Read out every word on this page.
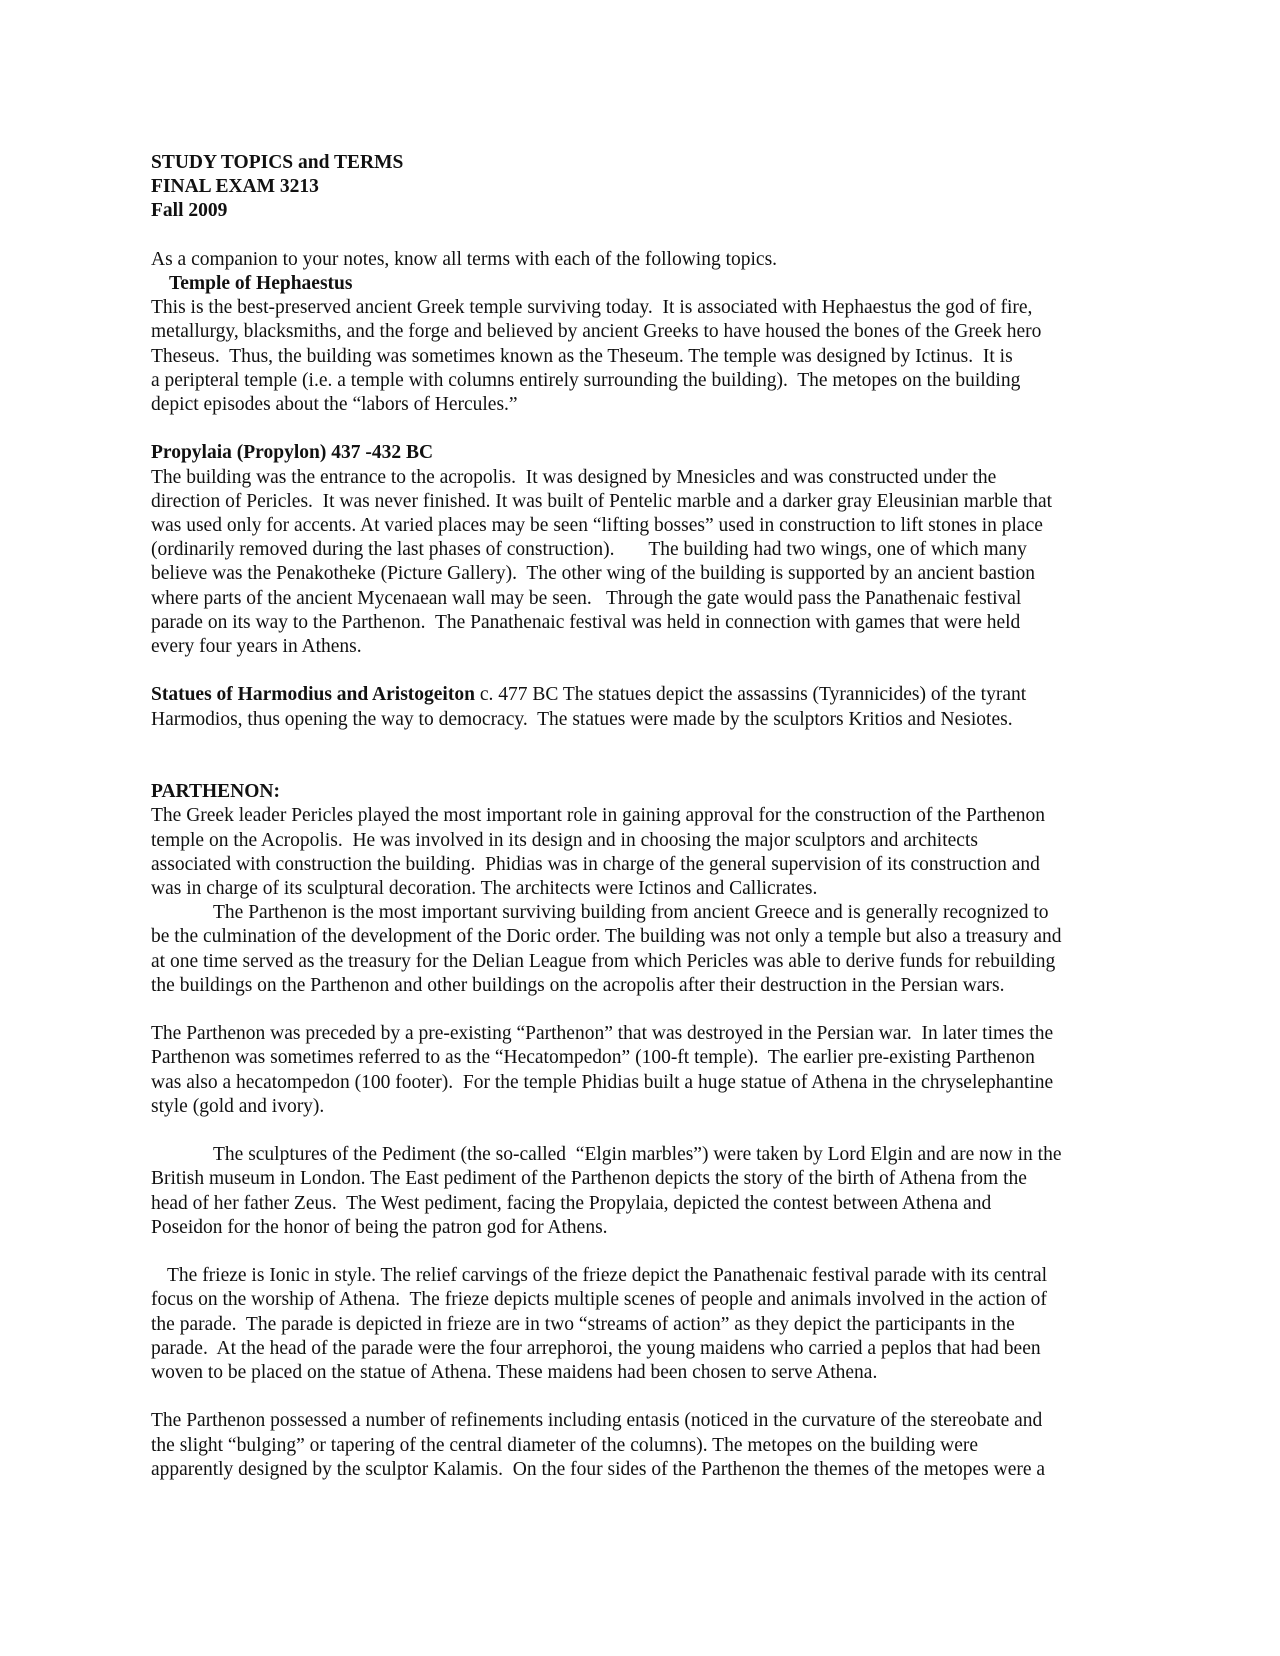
STUDY TOPICS and TERMS
FINAL EXAM 3213
Fall 2009
As a companion to your notes, know all terms with each of the following topics.
Temple of Hephaestus
This is the best-preserved ancient Greek temple surviving today.  It is associated with Hephaestus the god of fire,
metallurgy, blacksmiths, and the forge and believed by ancient Greeks to have housed the bones of the Greek hero
Theseus.  Thus, the building was sometimes known as the Theseum. The temple was designed by Ictinus.  It is
a peripteral temple (i.e. a temple with columns entirely surrounding the building).  The metopes on the building
depict episodes about the “labors of Hercules.”
Propylaia (Propylon) 437 -432 BC
The building was the entrance to the acropolis.  It was designed by Mnesicles and was constructed under the
direction of Pericles.  It was never finished. It was built of Pentelic marble and a darker gray Eleusinian marble that
was used only for accents. At varied places may be seen “lifting bosses” used in construction to lift stones in place
(ordinarily removed during the last phases of construction).       The building had two wings, one of which many
believe was the Penakotheke (Picture Gallery).  The other wing of the building is supported by an ancient bastion
where parts of the ancient Mycenaean wall may be seen.   Through the gate would pass the Panathenaic festival
parade on its way to the Parthenon.  The Panathenaic festival was held in connection with games that were held
every four years in Athens.
Statues of Harmodius and Aristogeiton c. 477 BC The statues depict the assassins (Tyrannicides) of the tyrant
Harmodios, thus opening the way to democracy.  The statues were made by the sculptors Kritios and Nesiotes.
PARTHENON:
The Greek leader Pericles played the most important role in gaining approval for the construction of the Parthenon
temple on the Acropolis.  He was involved in its design and in choosing the major sculptors and architects
associated with construction the building.  Phidias was in charge of the general supervision of its construction and
was in charge of its sculptural decoration. The architects were Ictinos and Callicrates.
The Parthenon is the most important surviving building from ancient Greece and is generally recognized to
be the culmination of the development of the Doric order. The building was not only a temple but also a treasury and
at one time served as the treasury for the Delian League from which Pericles was able to derive funds for rebuilding
the buildings on the Parthenon and other buildings on the acropolis after their destruction in the Persian wars.
The Parthenon was preceded by a pre-existing “Parthenon” that was destroyed in the Persian war.  In later times the
Parthenon was sometimes referred to as the “Hecatompedon” (100-ft temple).  The earlier pre-existing Parthenon
was also a hecatompedon (100 footer).  For the temple Phidias built a huge statue of Athena in the chryselephantine
style (gold and ivory).
The sculptures of the Pediment (the so-called  “Elgin marbles”) were taken by Lord Elgin and are now in the
British museum in London. The East pediment of the Parthenon depicts the story of the birth of Athena from the
head of her father Zeus.  The West pediment, facing the Propylaia, depicted the contest between Athena and
Poseidon for the honor of being the patron god for Athens.
The frieze is Ionic in style. The relief carvings of the frieze depict the Panathenaic festival parade with its central
focus on the worship of Athena.  The frieze depicts multiple scenes of people and animals involved in the action of
the parade.  The parade is depicted in frieze are in two “streams of action” as they depict the participants in the
parade.  At the head of the parade were the four arrephoroi, the young maidens who carried a peplos that had been
woven to be placed on the statue of Athena. These maidens had been chosen to serve Athena.
The Parthenon possessed a number of refinements including entasis (noticed in the curvature of the stereobate and
the slight “bulging” or tapering of the central diameter of the columns). The metopes on the building were
apparently designed by the sculptor Kalamis.  On the four sides of the Parthenon the themes of the metopes were a
